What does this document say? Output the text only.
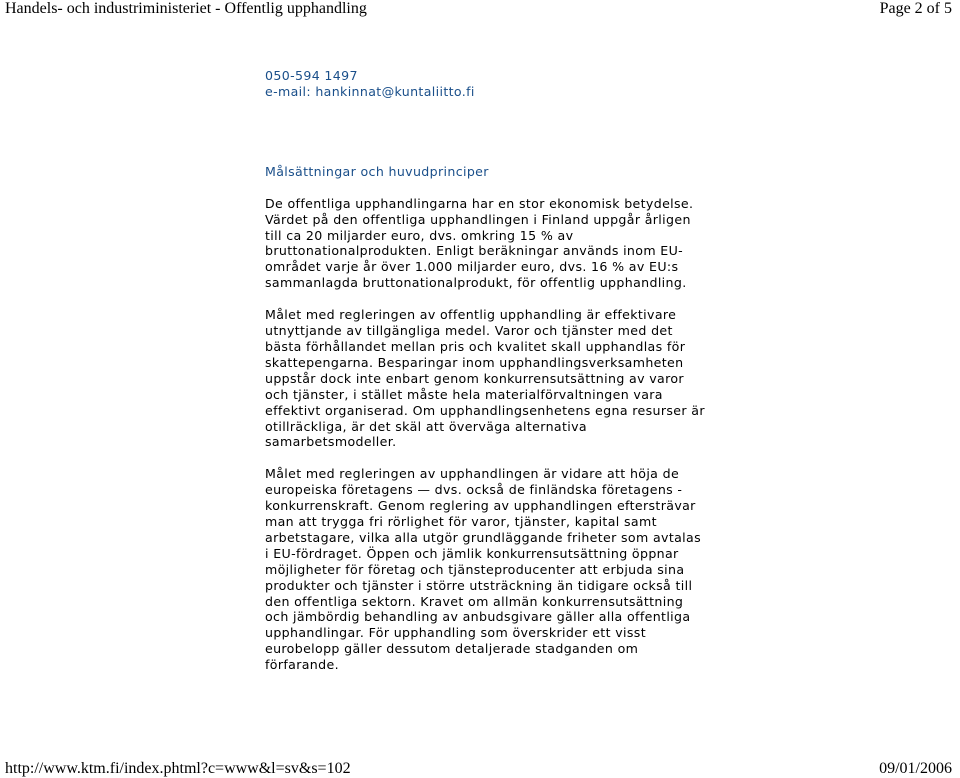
Handels- och industriministeriet - Offentlig upphandling	Page 2 of 5
050-594 1497
e-mail: hankinnat@kuntaliitto.fi
Målsättningar och huvudprinciper

De offentliga upphandlingarna har en stor ekonomisk betydelse. Värdet på den offentliga upphandlingen i Finland uppgår årligen till ca 20 miljarder euro, dvs. omkring 15 % av bruttonationalprodukten. Enligt beräkningar används inom EU-området varje år över 1.000 miljarder euro, dvs. 16 % av EU:s sammanlagda bruttonationalprodukt, för offentlig upphandling.

Målet med regleringen av offentlig upphandling är effektivare utnyttjande av tillgängliga medel. Varor och tjänster med det bästa förhållandet mellan pris och kvalitet skall upphandlas för skattepengarna. Besparingar inom upphandlingsverksamheten uppstår dock inte enbart genom konkurrensutsättning av varor och tjänster, i stället måste hela materialförvaltningen vara effektivt organiserad. Om upphandlingsenhetens egna resurser är otillräckliga, är det skäl att överväga alternativa samarbetsmodeller.

Målet med regleringen av upphandlingen är vidare att höja de europeiska företagens — dvs. också de finländska företagens - konkurrenskraft. Genom reglering av upphandlingen eftersträvar man att trygga fri rörlighet för varor, tjänster, kapital samt arbetstagare, vilka alla utgör grundläggande friheter som avtalas i EU-fördraget. Öppen och jämlik konkurrensutsättning öppnar möjligheter för företag och tjänsteproducenter att erbjuda sina produkter och tjänster i större utsträckning än tidigare också till den offentliga sektorn. Kravet om allmän konkurrensutsättning och jämbördig behandling av anbudsgivare gäller alla offentliga upphandlingar. För upphandling som överskrider ett visst eurobelopp gäller dessutom detaljerade stadganden om förfarande.

http://www.ktm.fi/index.phtml?c=www&l=sv&s=102	09/01/2006
